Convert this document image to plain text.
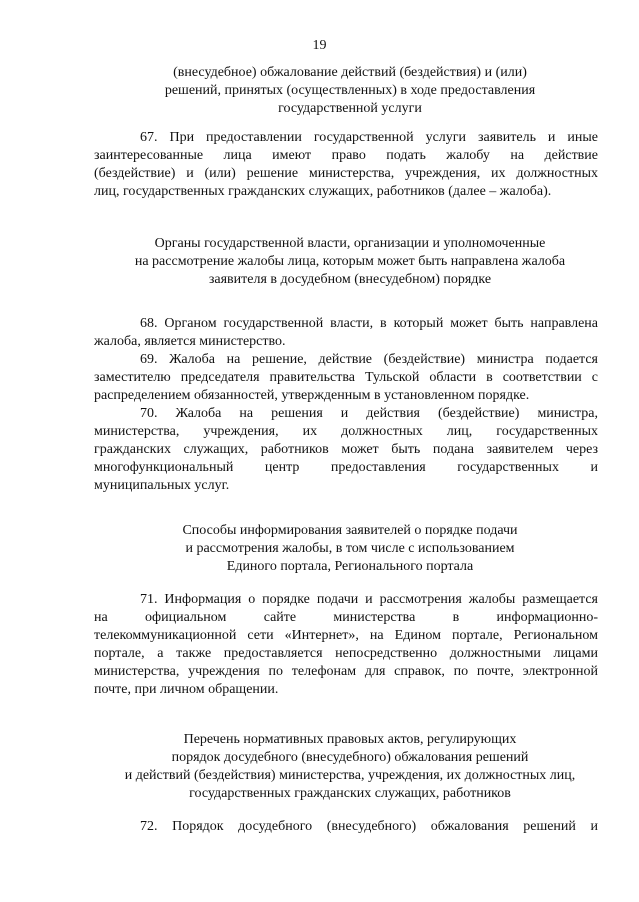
19
(внесудебное) обжалование действий (бездействия) и (или)
решений, принятых (осуществленных) в ходе предоставления
государственной услуги
67. При предоставлении государственной услуги заявитель и иные
заинтересованные лица имеют право подать жалобу на действие
(бездействие) и (или) решение министерства, учреждения, их должностных
лиц, государственных гражданских служащих, работников (далее – жалоба).
Органы государственной власти, организации и уполномоченные
на рассмотрение жалобы лица, которым может быть направлена жалоба
заявителя в досудебном (внесудебном) порядке
68. Органом государственной власти, в который может быть направлена
жалоба, является министерство.
69. Жалоба на решение, действие (бездействие) министра подается
заместителю председателя правительства Тульской области в соответствии с
распределением обязанностей, утвержденным в установленном порядке.
70. Жалоба на решения и действия (бездействие) министра,
министерства, учреждения, их должностных лиц, государственных
гражданских служащих, работников может быть подана заявителем через
многофункциональный центр предоставления государственных и
муниципальных услуг.
Способы информирования заявителей о порядке подачи
и рассмотрения жалобы, в том числе с использованием
Единого портала, Регионального портала
71. Информация о порядке подачи и рассмотрения жалобы размещается
на официальном сайте министерства в информационно-
телекоммуникационной сети «Интернет», на Едином портале, Региональном
портале, а также предоставляется непосредственно должностными лицами
министерства, учреждения по телефонам для справок, по почте, электронной
почте, при личном обращении.
Перечень нормативных правовых актов, регулирующих
порядок досудебного (внесудебного) обжалования решений
и действий (бездействия) министерства, учреждения, их должностных лиц,
государственных гражданских служащих, работников
72. Порядок досудебного (внесудебного) обжалования решений и
